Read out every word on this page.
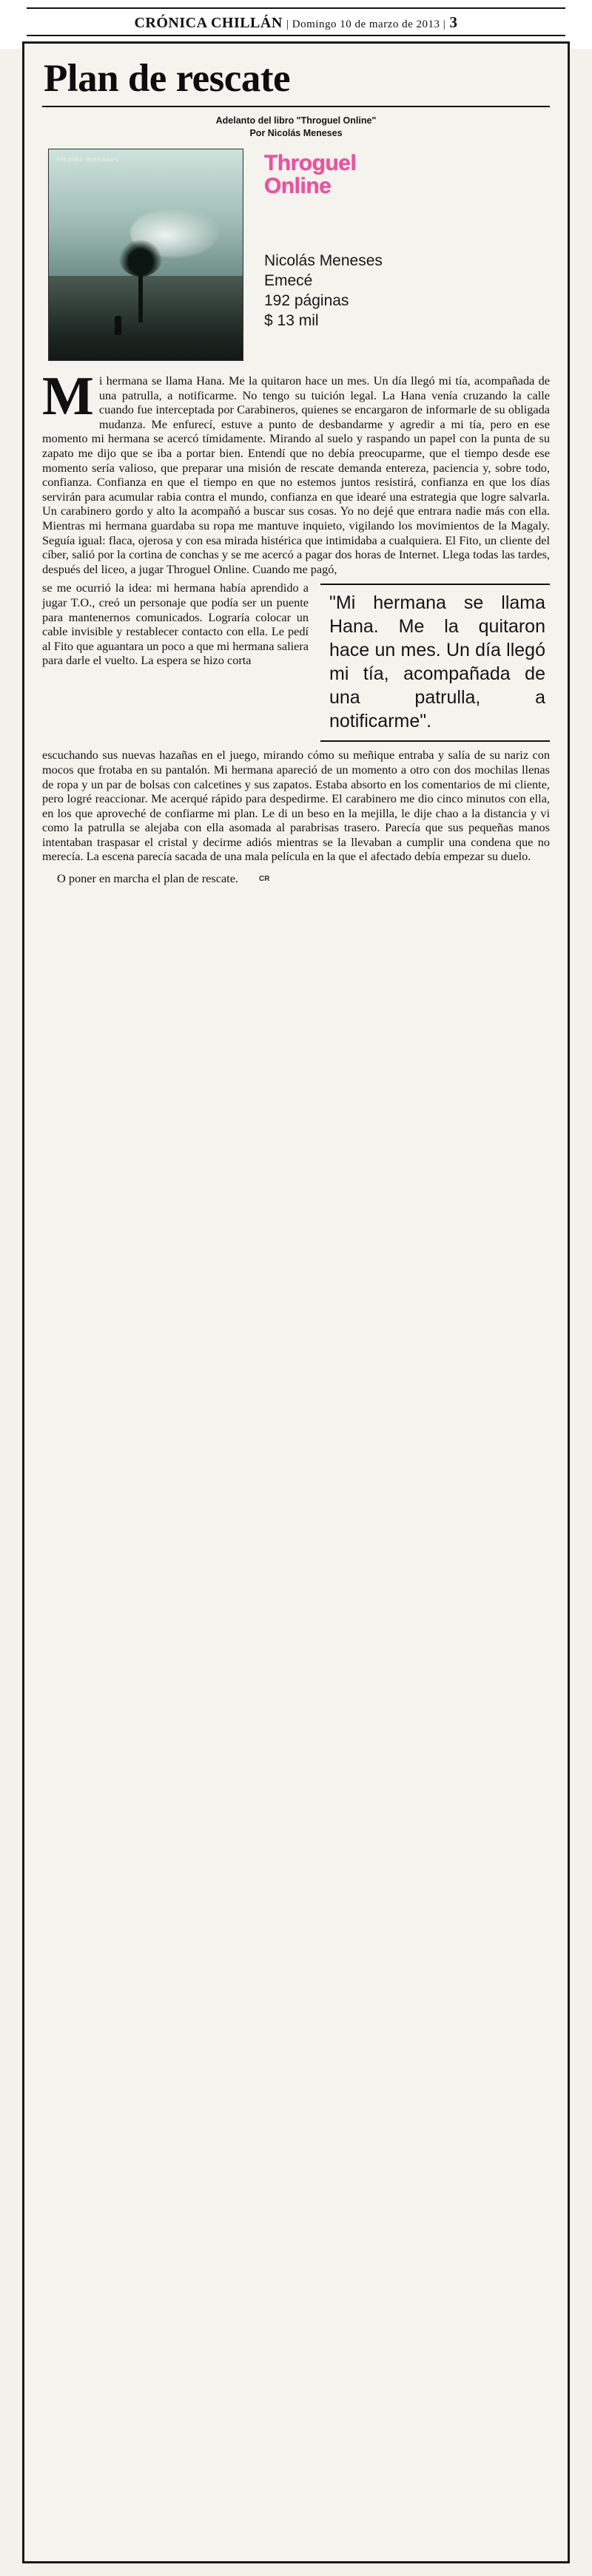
CRÓNICA CHILLÁN | Domingo 10 de marzo de 2013 | 3
Plan de rescate
Adelanto del libro "Throguel Online"
Por Nicolás Meneses
nicolás meneses	Throguel
Online
Nicolás Meneses
Emecé
192 páginas
$ 13 mil
M i hermana se llama Hana. Me la quitaron hace un mes. Un día llegó mi tía, acompañada de una patrulla, a notificarme. No tengo su tuición legal. La Hana venía cruzando la calle cuando fue interceptada por Carabineros, quienes se encargaron de informarle de su obligada mudanza. Me enfurecí, estuve a punto de desbandarme y agredir a mi tía, pero en ese momento mi hermana se acercó tímidamente. Mirando al suelo y raspando un papel con la punta de su zapato me dijo que se iba a portar bien. Entendí que no debía preocuparme, que el tiempo desde ese momento sería valioso, que preparar una misión de rescate demanda entereza, paciencia y, sobre todo, confianza. Confianza en que el tiempo en que no estemos juntos resistirá, confianza en que los días servirán para acumular rabia contra el mundo, confianza en que idearé una estrategia que logre salvarla. Un carabinero gordo y alto la acompañó a buscar sus cosas. Yo no dejé que entrara nadie más con ella. Mientras mi hermana guardaba su ropa me mantuve inquieto, vigilando los movimientos de la Magaly. Seguía igual: flaca, ojerosa y con esa mirada histérica que intimidaba a cualquiera. El Fito, un cliente del cíber, salió por la cortina de conchas y se me acercó a pagar dos horas de Internet. Llega todas las tardes, después del liceo, a jugar Throguel Online. Cuando me pagó,

"Mi hermana se llama Hana. Me la quitaron hace un mes. Un día llegó mi tía, acompañada de una patrulla, a notificarme".

se me ocurrió la idea: mi hermana había aprendido a jugar T.O., creó un personaje que podía ser un puente para mantenernos comunicados. Lograría colocar un cable invisible y restablecer contacto con ella. Le pedí al Fito que aguantara un poco a que mi hermana saliera para darle el vuelto. La espera se hizo corta

escuchando sus nuevas hazañas en el juego, mirando cómo su meñique entraba y salía de su nariz con mocos que frotaba en su pantalón. Mi hermana apareció de un momento a otro con dos mochilas llenas de ropa y un par de bolsas con calcetines y sus zapatos. Estaba absorto en los comentarios de mi cliente, pero logré reaccionar. Me acerqué rápido para despedirme. El carabinero me dio cinco minutos con ella, en los que aproveché de confiarme mi plan. Le di un beso en la mejilla, le dije chao a la distancia y vi como la patrulla se alejaba con ella asomada al parabrisas trasero. Parecía que sus pequeñas manos intentaban traspasar el cristal y decirme adiós mientras se la llevaban a cumplir una condena que no merecía. La escena parecía sacada de una mala película en la que el afectado debía empezar su duelo.

O poner en marcha el plan de rescate.	CR
